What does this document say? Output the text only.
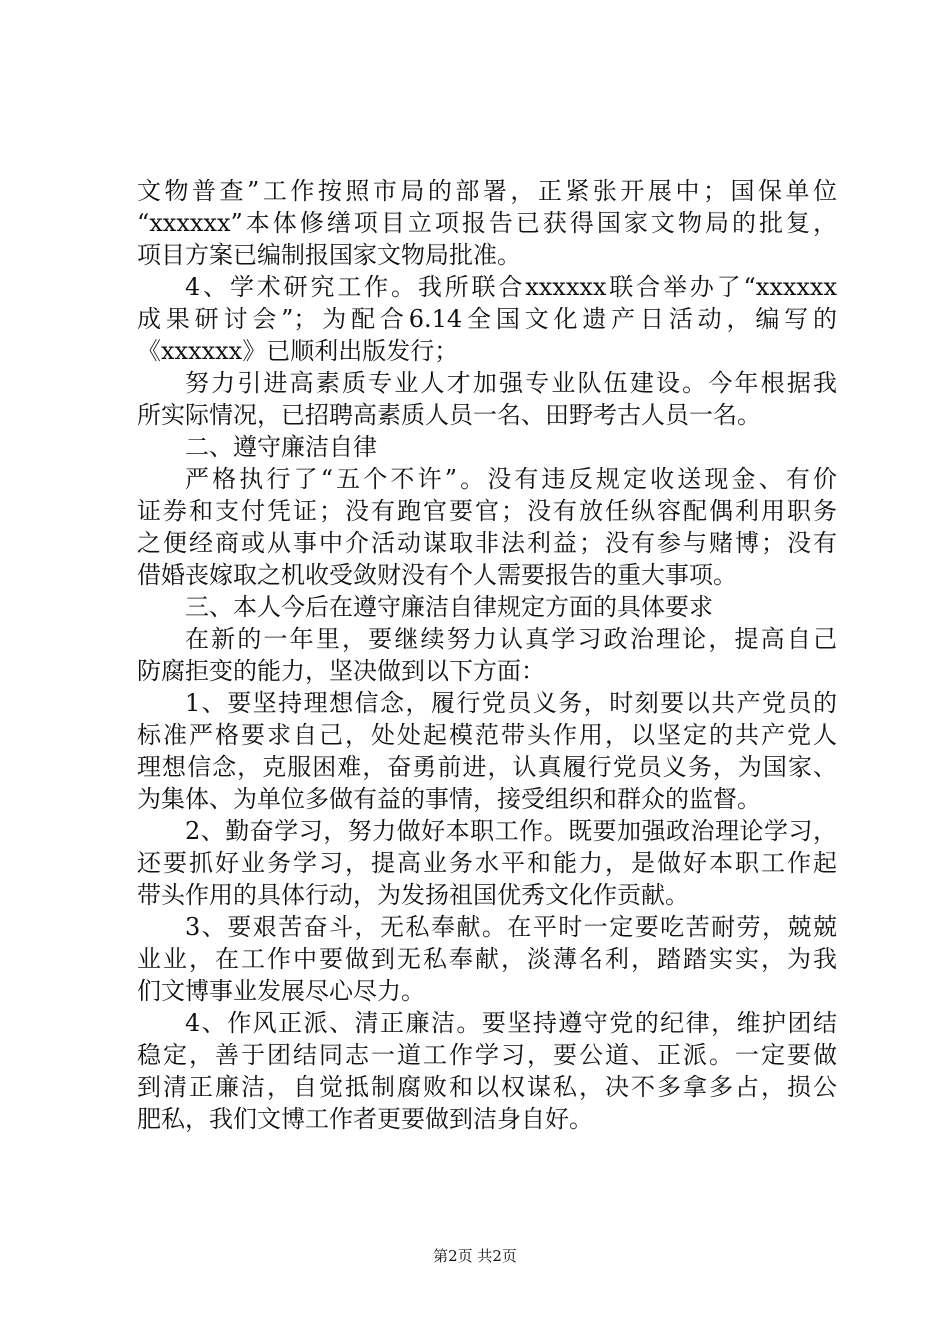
文物普查”工作按照市局的部署，正紧张开展中；国保单位
“xxxxxx”本体修缮项目立项报告已获得国家文物局的批复，
项目方案已编制报国家文物局批准。
4、学术研究工作。我所联合xxxxxx联合举办了“xxxxxx
成果研讨会”；为配合6.14全国文化遗产日活动，编写的
《xxxxxx》已顺利出版发行；
努力引进高素质专业人才加强专业队伍建设。今年根据我
所实际情况，已招聘高素质人员一名、田野考古人员一名。
二、遵守廉洁自律
严格执行了“五个不许”。没有违反规定收送现金、有价
证券和支付凭证；没有跑官要官；没有放任纵容配偶利用职务
之便经商或从事中介活动谋取非法利益；没有参与赌博；没有
借婚丧嫁取之机收受敛财没有个人需要报告的重大事项。
三、本人今后在遵守廉洁自律规定方面的具体要求
在新的一年里，要继续努力认真学习政治理论，提高自己
防腐拒变的能力，坚决做到以下方面：
1、要坚持理想信念，履行党员义务，时刻要以共产党员的
标准严格要求自己，处处起模范带头作用，以坚定的共产党人
理想信念，克服困难，奋勇前进，认真履行党员义务，为国家、
为集体、为单位多做有益的事情，接受组织和群众的监督。
2、勤奋学习，努力做好本职工作。既要加强政治理论学习，
还要抓好业务学习，提高业务水平和能力，是做好本职工作起
带头作用的具体行动，为发扬祖国优秀文化作贡献。
3、要艰苦奋斗，无私奉献。在平时一定要吃苦耐劳，兢兢
业业，在工作中要做到无私奉献，淡薄名利，踏踏实实，为我
们文博事业发展尽心尽力。
4、作风正派、清正廉洁。要坚持遵守党的纪律，维护团结
稳定，善于团结同志一道工作学习，要公道、正派。一定要做
到清正廉洁，自觉抵制腐败和以权谋私，决不多拿多占，损公
肥私，我们文博工作者更要做到洁身自好。
第2页 共2页
